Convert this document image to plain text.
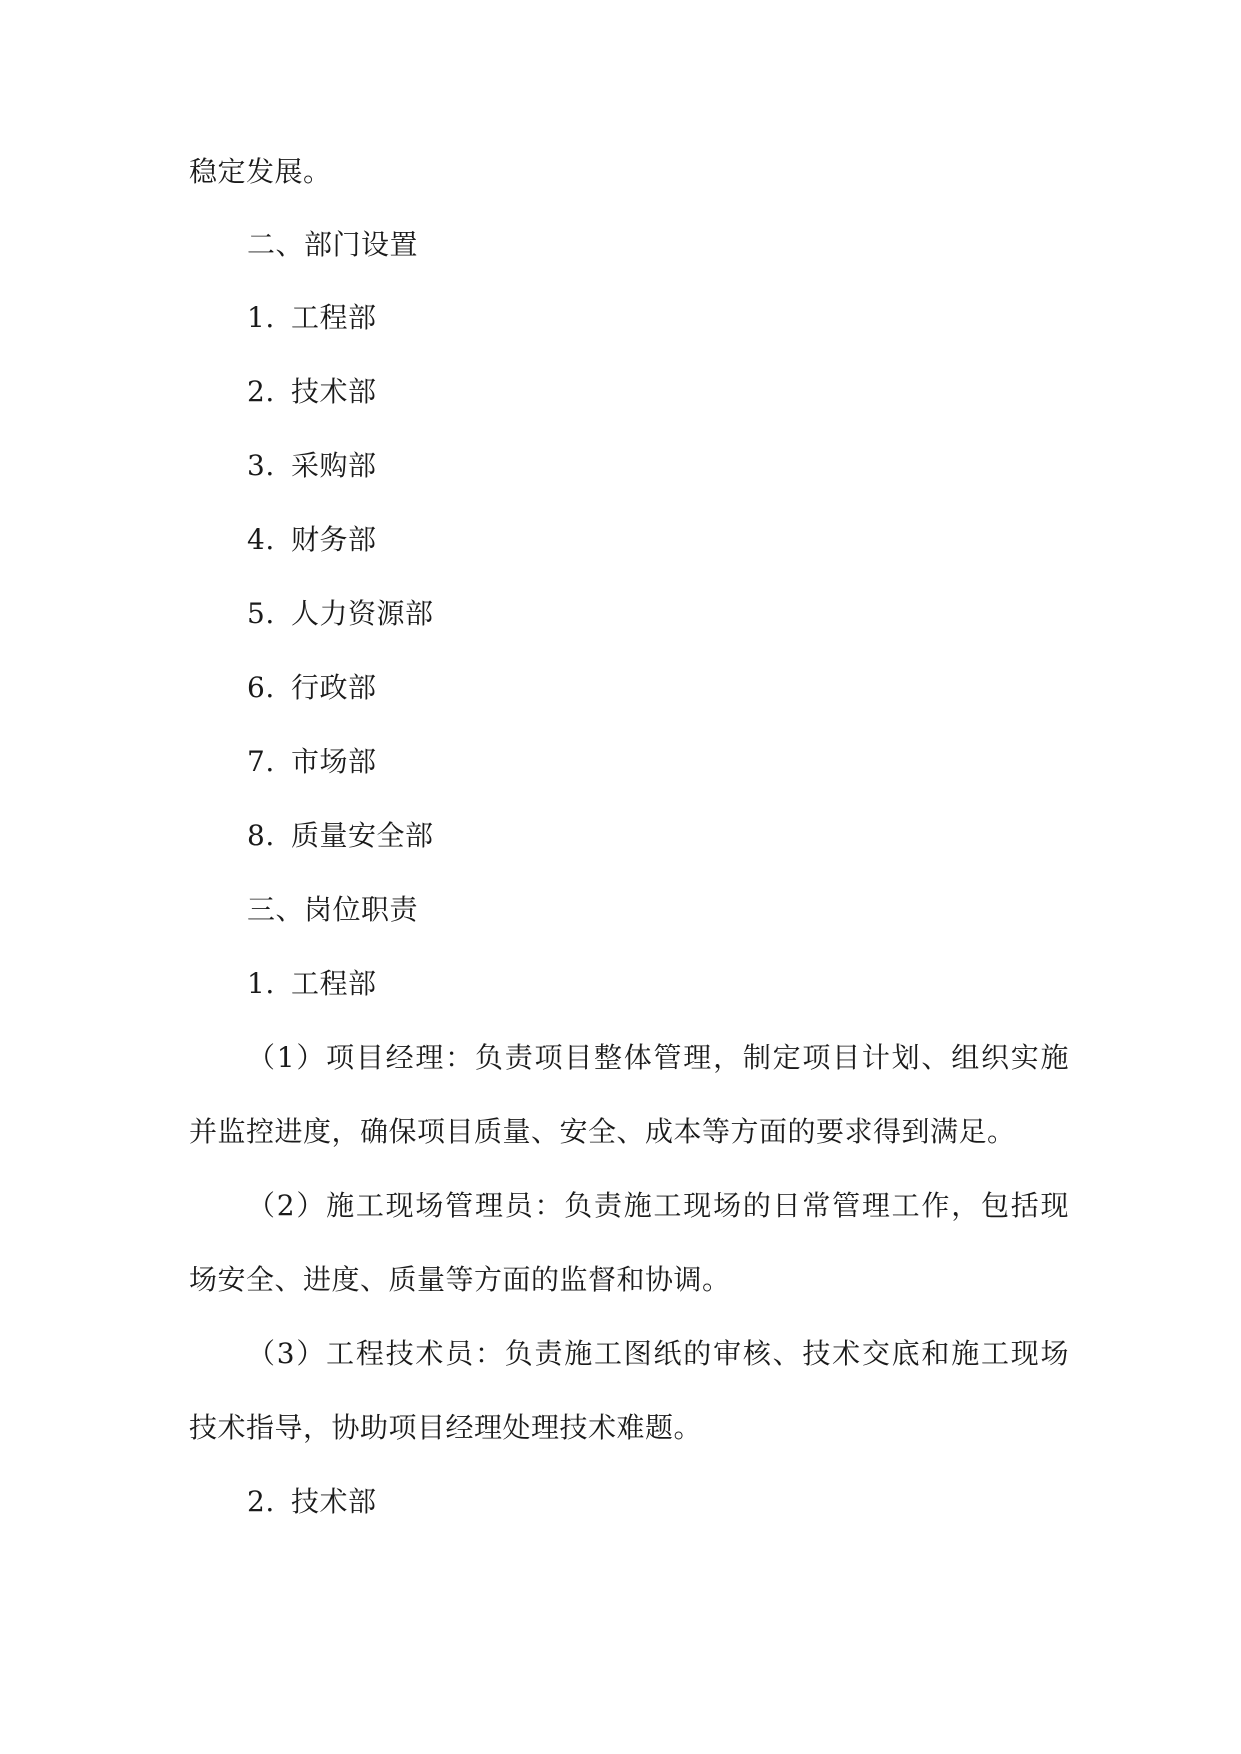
稳定发展。
二、部门设置
1. 工程部
2. 技术部
3. 采购部
4. 财务部
5. 人力资源部
6. 行政部
7. 市场部
8. 质量安全部
三、岗位职责
1. 工程部
（1）项目经理：负责项目整体管理，制定项目计划、组织实施
并监控进度，确保项目质量、安全、成本等方面的要求得到满足。
（2）施工现场管理员：负责施工现场的日常管理工作，包括现
场安全、进度、质量等方面的监督和协调。
（3）工程技术员：负责施工图纸的审核、技术交底和施工现场
技术指导，协助项目经理处理技术难题。
2. 技术部
